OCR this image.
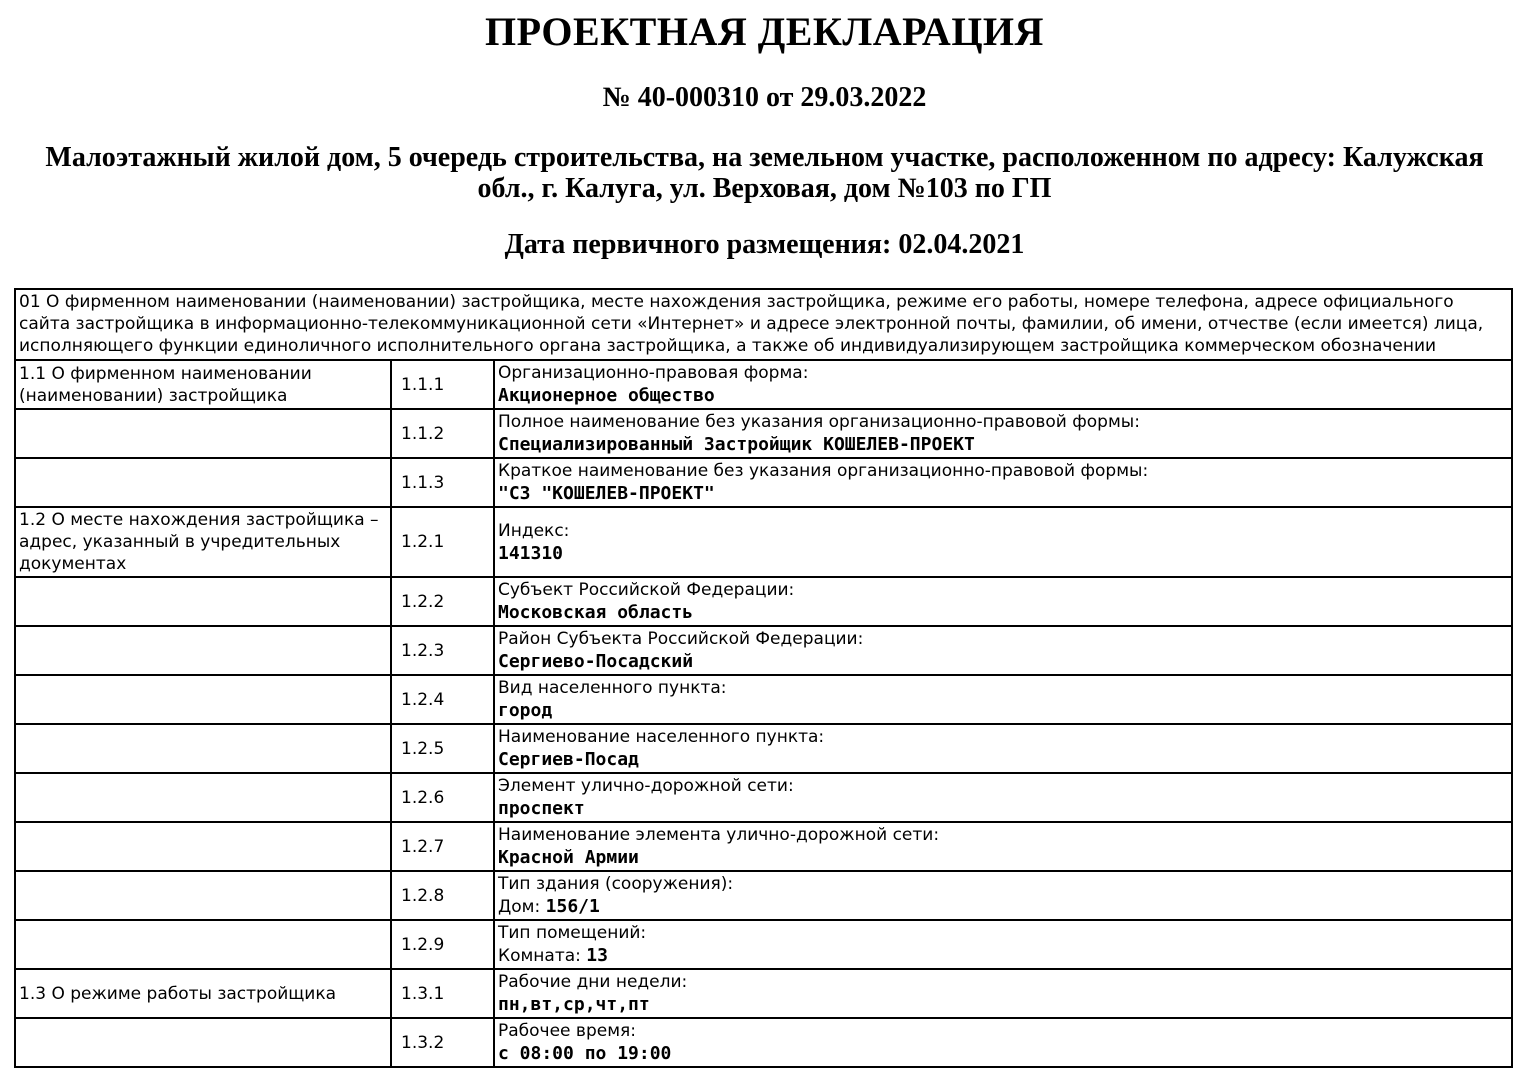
ПРОЕКТНАЯ ДЕКЛАРАЦИЯ
№ 40-000310 от 29.03.2022
Малоэтажный жилой дом, 5 очередь строительства, на земельном участке, расположенном по адресу: Калужская обл., г. Калуга, ул. Верховая, дом №103 по ГП
Дата первичного размещения: 02.04.2021
01 О фирменном наименовании (наименовании) застройщика, месте нахождения застройщика, режиме его работы, номере телефона, адресе официального сайта застройщика в информационно-телекоммуникационной сети «Интернет» и адресе электронной почты, фамилии, об имени, отчестве (если имеется) лица, исполняющего функции единоличного исполнительного органа застройщика, а также об индивидуализирующем застройщика коммерческом обозначении		
1.1 О фирменном наименовании (наименовании) застройщика	1.1.1	Организационно-правовая форма:
Акционерное общество

	1.1.2	Полное наименование без указания организационно-правовой формы:
Специализированный Застройщик КОШЕЛЕВ-ПРОЕКТ

	1.1.3	Краткое наименование без указания организационно-правовой формы:
"СЗ "КОШЕЛЕВ-ПРОЕКТ"

1.2 О месте нахождения застройщика – адрес, указанный в учредительных документах	1.2.1	Индекс:
141310

	1.2.2	Субъект Российской Федерации:
Московская область

	1.2.3	Район Субъекта Российской Федерации:
Сергиево-Посадский

	1.2.4	Вид населенного пункта:
город

	1.2.5	Наименование населенного пункта:
Сергиев-Посад

	1.2.6	Элемент улично-дорожной сети:
проспект

	1.2.7	Наименование элемента улично-дорожной сети:
Красной Армии

	1.2.8	Тип здания (сооружения):
Дом: 156/1

	1.2.9	Тип помещений:
Комната: 13

1.3 О режиме работы застройщика	1.3.1	Рабочие дни недели:
пн,вт,ср,чт,пт

	1.3.2	Рабочее время:
с 08:00 по 19:00
